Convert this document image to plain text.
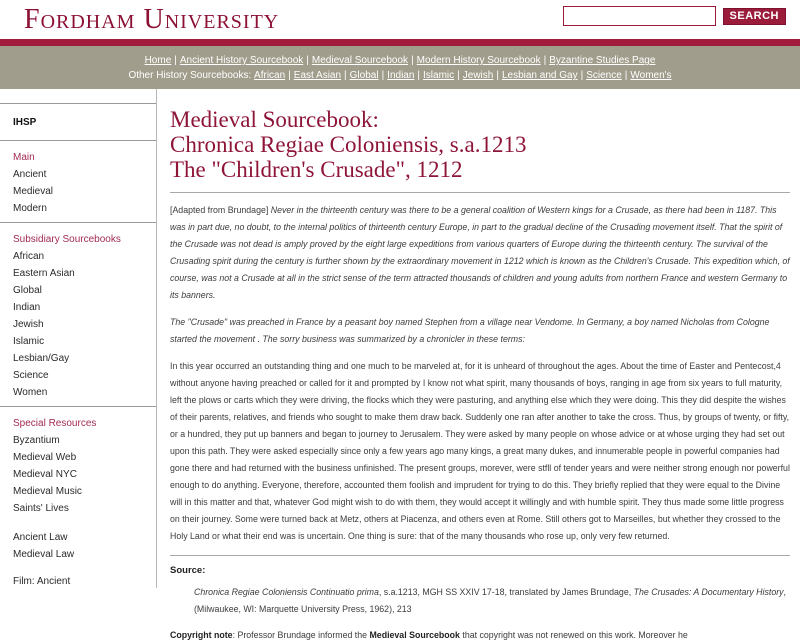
Fordham University	SEARCH
Home | Ancient History Sourcebook | Medieval Sourcebook | Modern History Sourcebook | Byzantine Studies Page
Other History Sourcebooks: African | East Asian | Global | Indian | Islamic | Jewish | Lesbian and Gay | Science | Women's
IHSP
Main
Ancient
Medieval
Modern
Subsidiary Sourcebooks
African
Eastern Asian
Global
Indian
Jewish
Islamic
Lesbian/Gay
Science
Women
Special Resources
Byzantium
Medieval Web
Medieval NYC
Medieval Music
Saints' Lives
Ancient Law
Medieval Law
Film: Ancient
Medieval Sourcebook:
Chronica Regiae Coloniensis, s.a.1213
The "Children's Crusade", 1212

[Adapted from Brundage] Never in the thirteenth century was there to be a general coalition of Western kings for a Crusade, as there had been in 1187. This was in part due, no doubt, to the internal politics of thirteenth century Europe, in part to the gradual decline of the Crusading movement itself. That the spirit of the Crusade was not dead is amply proved by the eight large expeditions from various quarters of Europe during the thirteenth century. The survival of the Crusading spirit during the century is further shown by the extraordinary movement in 1212 which is known as the Children's Crusade. This expedition which, of course, was not a Crusade at all in the strict sense of the term attracted thousands of children and young adults from northern France and western Germany to its banners.

The "Crusade" was preached in France by a peasant boy named Stephen from a village near Vendome. In Germany, a boy named Nicholas from Cologne started the movement . The sorry business was summarized by a chronicler in these terms:

In this year occurred an outstanding thing and one much to be marveled at, for it is unheard of throughout the ages. About the time of Easter and Pentecost,4 without anyone having preached or called for it and prompted by I know not what spirit, many thousands of boys, ranging in age from six years to full maturity, left the plows or carts which they were driving, the flocks which they were pasturing, and anything else which they were doing. This they did despite the wishes of their parents, relatives, and friends who sought to make them draw back. Suddenly one ran after another to take the cross. Thus, by groups of twenty, or fifty, or a hundred, they put up banners and began to journey to Jerusalem. They were asked by many people on whose advice or at whose urging they had set out upon this path. They were asked especially since only a few years ago many kings, a great many dukes, and innumerable people in powerful companies had gone there and had returned with the business unfinished. The present groups, morever, were stfll of tender years and were neither strong enough nor powerful enough to do anything. Everyone, therefore, accounted them foolish and imprudent for trying to do this. They briefly replied that they were equal to the Divine will in this matter and that, whatever God might wish to do with them, they would accept it willingly and with humble spirit. They thus made some little progress on their journey. Some were turned back at Metz, others at Piacenza, and others even at Rome. Still others got to Marseilles, but whether they crossed to the Holy Land or what their end was is uncertain. One thing is sure: that of the many thousands who rose up, only very few returned.

Source:
Chronica Regiae Coloniensis Continuatio prima, s.a.1213, MGH SS XXIV 17-18, translated by James Brundage, The Crusades: A Documentary History, (Milwaukee, WI: Marquette University Press, 1962), 213

Copyright note: Professor Brundage informed the Medieval Sourcebook that copyright was not renewed on this work. Moreover he
